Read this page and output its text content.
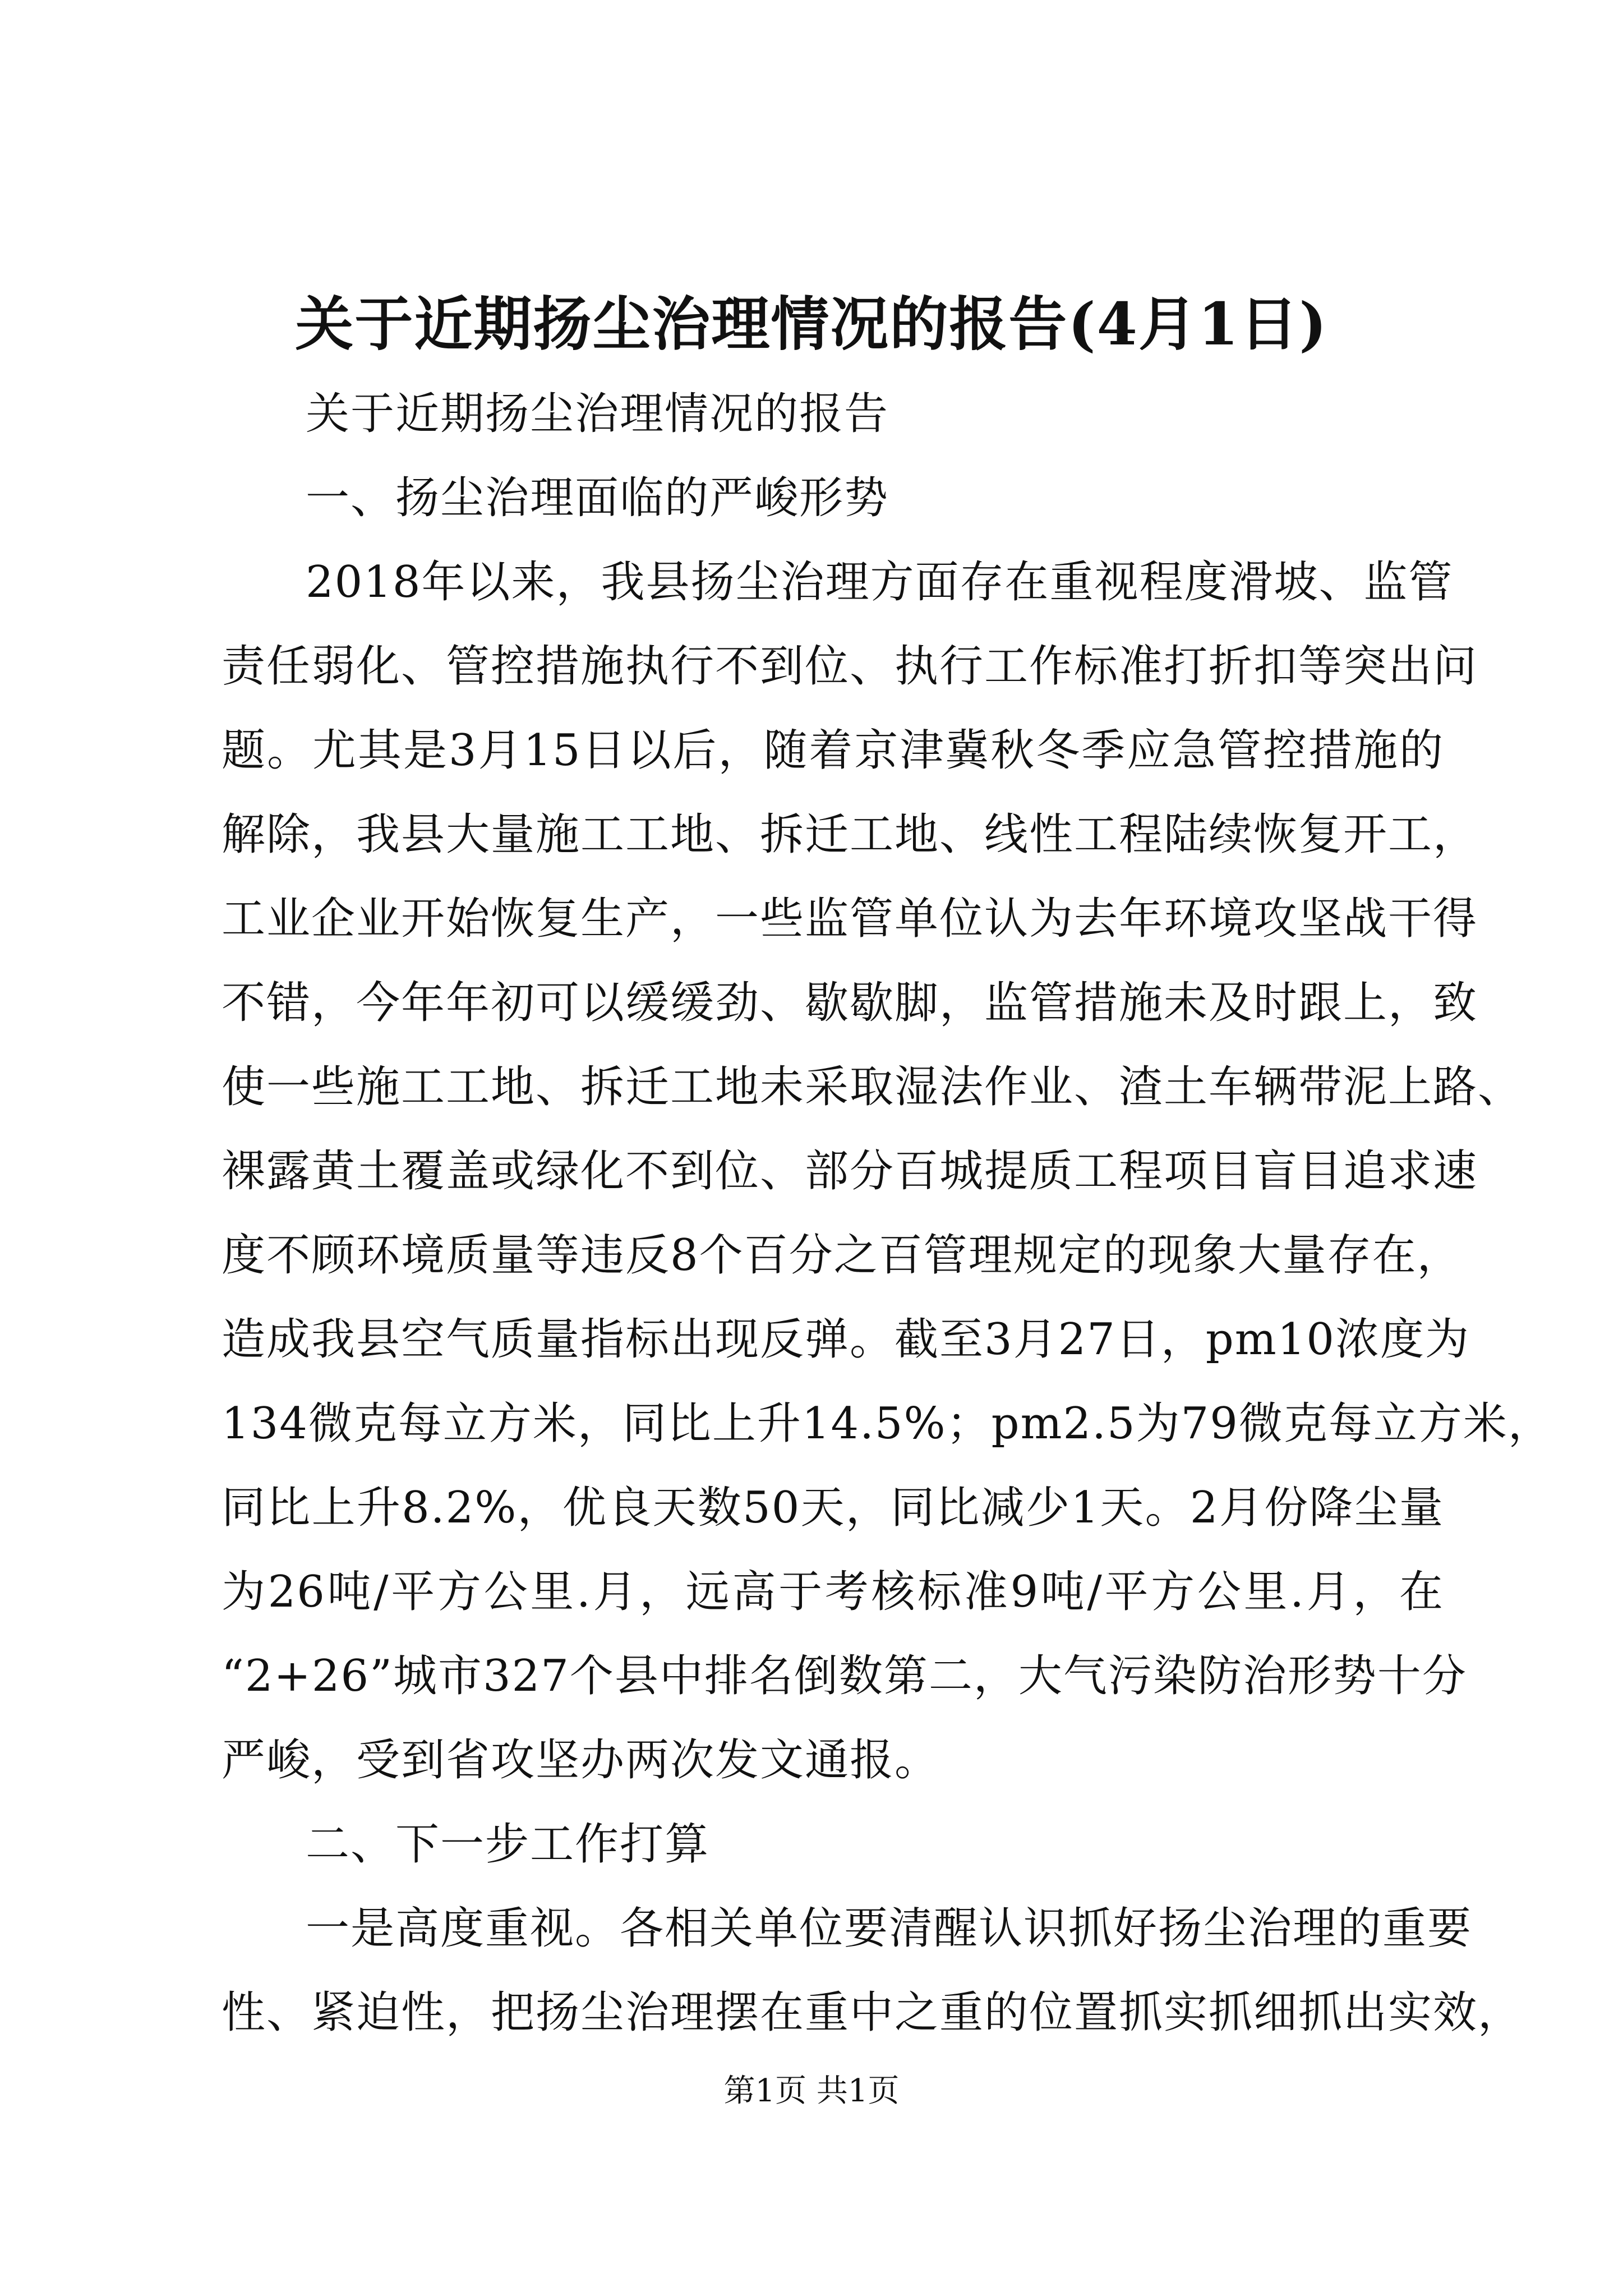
关于近期扬尘治理情况的报告(4月1日)
关于近期扬尘治理情况的报告
一、扬尘治理面临的严峻形势
2018年以来，我县扬尘治理方面存在重视程度滑坡、监管
责任弱化、管控措施执行不到位、执行工作标准打折扣等突出问
题。尤其是3月15日以后，随着京津冀秋冬季应急管控措施的
解除，我县大量施工工地、拆迁工地、线性工程陆续恢复开工，
工业企业开始恢复生产，一些监管单位认为去年环境攻坚战干得
不错，今年年初可以缓缓劲、歇歇脚，监管措施未及时跟上，致
使一些施工工地、拆迁工地未采取湿法作业、渣土车辆带泥上路、
裸露黄土覆盖或绿化不到位、部分百城提质工程项目盲目追求速
度不顾环境质量等违反8个百分之百管理规定的现象大量存在，
造成我县空气质量指标出现反弹。截至3月27日，pm10浓度为
134微克每立方米，同比上升14.5%；pm2.5为79微克每立方米，
同比上升8.2%，优良天数50天，同比减少1天。2月份降尘量
为26吨/平方公里.月，远高于考核标准9吨/平方公里.月，在
“2+26”城市327个县中排名倒数第二，大气污染防治形势十分
严峻，受到省攻坚办两次发文通报。
二、下一步工作打算
一是高度重视。各相关单位要清醒认识抓好扬尘治理的重要
性、紧迫性，把扬尘治理摆在重中之重的位置抓实抓细抓出实效，
第1页 共1页
